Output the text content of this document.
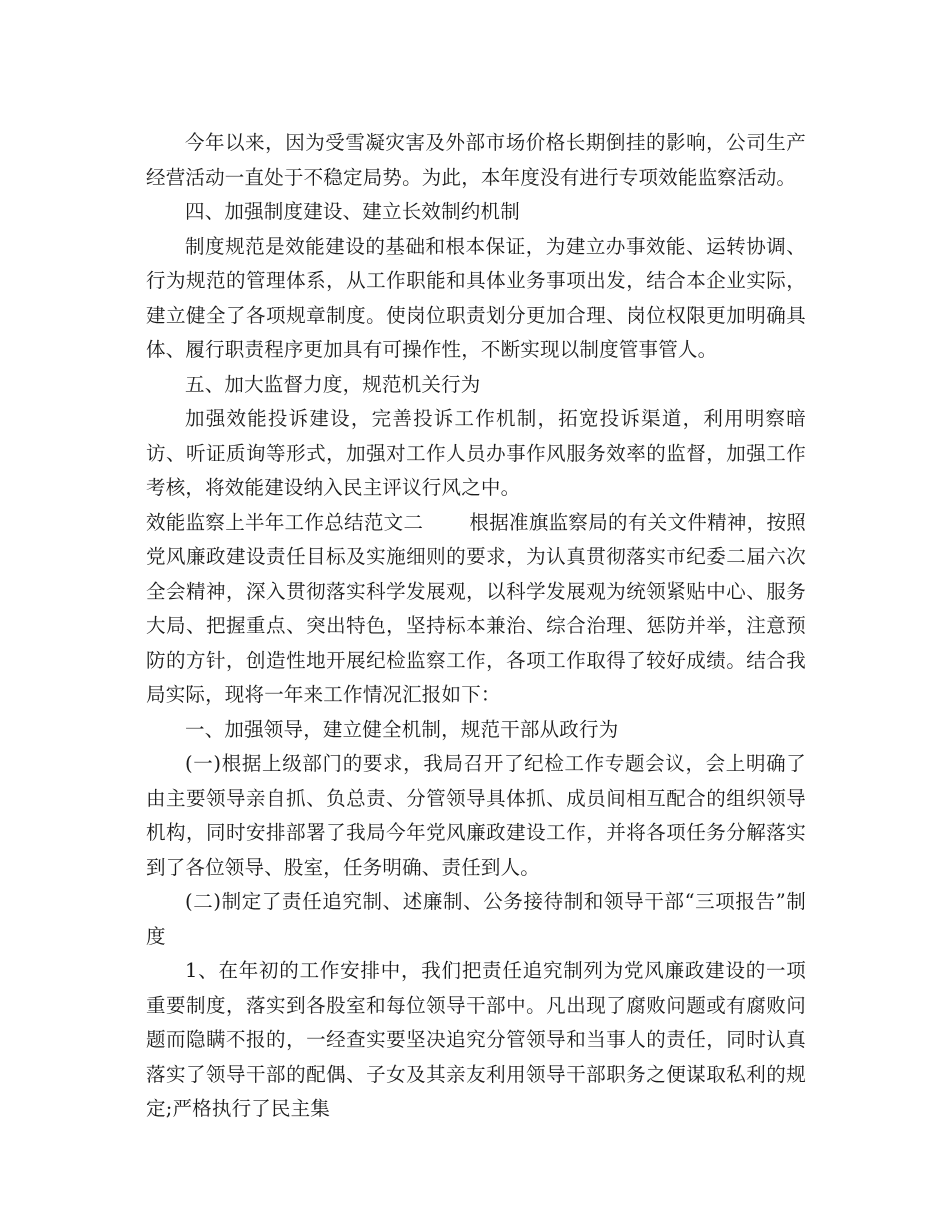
今年以来，因为受雪凝灾害及外部市场价格长期倒挂的影响，公司生产经营活动一直处于不稳定局势。为此，本年度没有进行专项效能监察活动。

四、加强制度建设、建立长效制约机制

制度规范是效能建设的基础和根本保证，为建立办事效能、运转协调、行为规范的管理体系，从工作职能和具体业务事项出发，结合本企业实际，建立健全了各项规章制度。使岗位职责划分更加合理、岗位权限更加明确具体、履行职责程序更加具有可操作性，不断实现以制度管事管人。

五、加大监督力度，规范机关行为

加强效能投诉建设，完善投诉工作机制，拓宽投诉渠道，利用明察暗访、听证质询等形式，加强对工作人员办事作风服务效率的监督，加强工作考核，将效能建设纳入民主评议行风之中。

效能监察上半年工作总结范文二 根据准旗监察局的有关文件精神，按照党风廉政建设责任目标及实施细则的要求，为认真贯彻落实市纪委二届六次全会精神，深入贯彻落实科学发展观，以科学发展观为统领紧贴中心、服务大局、把握重点、突出特色，坚持标本兼治、综合治理、惩防并举，注意预防的方针，创造性地开展纪检监察工作，各项工作取得了较好成绩。结合我局实际，现将一年来工作情况汇报如下：

一、加强领导，建立健全机制，规范干部从政行为

(一)根据上级部门的要求，我局召开了纪检工作专题会议，会上明确了由主要领导亲自抓、负总责、分管领导具体抓、成员间相互配合的组织领导机构，同时安排部署了我局今年党风廉政建设工作，并将各项任务分解落实到了各位领导、股室，任务明确、责任到人。

(二)制定了责任追究制、述廉制、公务接待制和领导干部“三项报告”制度

1、在年初的工作安排中，我们把责任追究制列为党风廉政建设的一项重要制度，落实到各股室和每位领导干部中。凡出现了腐败问题或有腐败问题而隐瞒不报的，一经查实要坚决追究分管领导和当事人的责任，同时认真落实了领导干部的配偶、子女及其亲友利用领导干部职务之便谋取私利的规定;严格执行了民主集
